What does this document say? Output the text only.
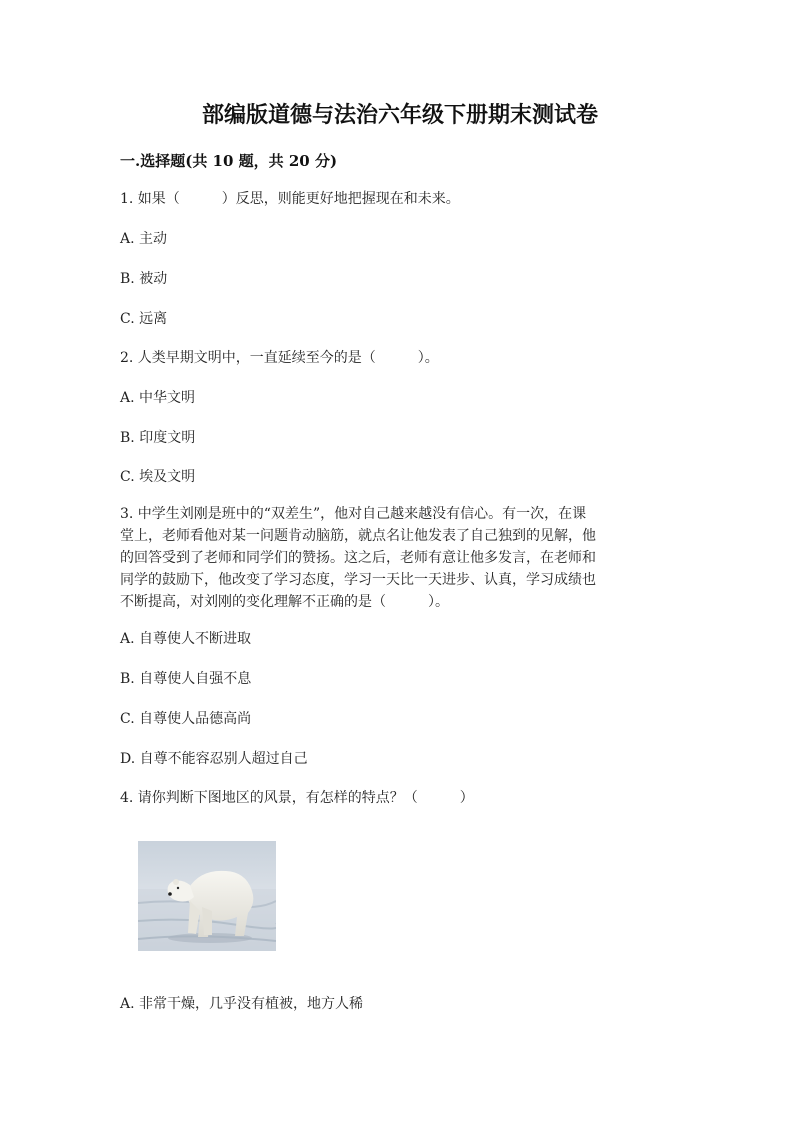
部编版道德与法治六年级下册期末测试卷
一.选择题(共 10 题，共 20 分)
1. 如果（　　　）反思，则能更好地把握现在和未来。
A. 主动
B. 被动
C. 远离
2. 人类早期文明中，一直延续至今的是（　　　）。
A. 中华文明
B. 印度文明
C. 埃及文明
3. 中学生刘刚是班中的“双差生”，他对自己越来越没有信心。有一次，在课
堂上，老师看他对某一问题肯动脑筋，就点名让他发表了自己独到的见解，他
的回答受到了老师和同学们的赞扬。这之后，老师有意让他多发言，在老师和
同学的鼓励下，他改变了学习态度，学习一天比一天进步、认真，学习成绩也
不断提高，对刘刚的变化理解不正确的是（　　　）。
A. 自尊使人不断进取
B. 自尊使人自强不息
C. 自尊使人品德高尚
D. 自尊不能容忍别人超过自己
4. 请你判断下图地区的风景，有怎样的特点？（　　　）
A. 非常干燥，几乎没有植被，地方人稀
